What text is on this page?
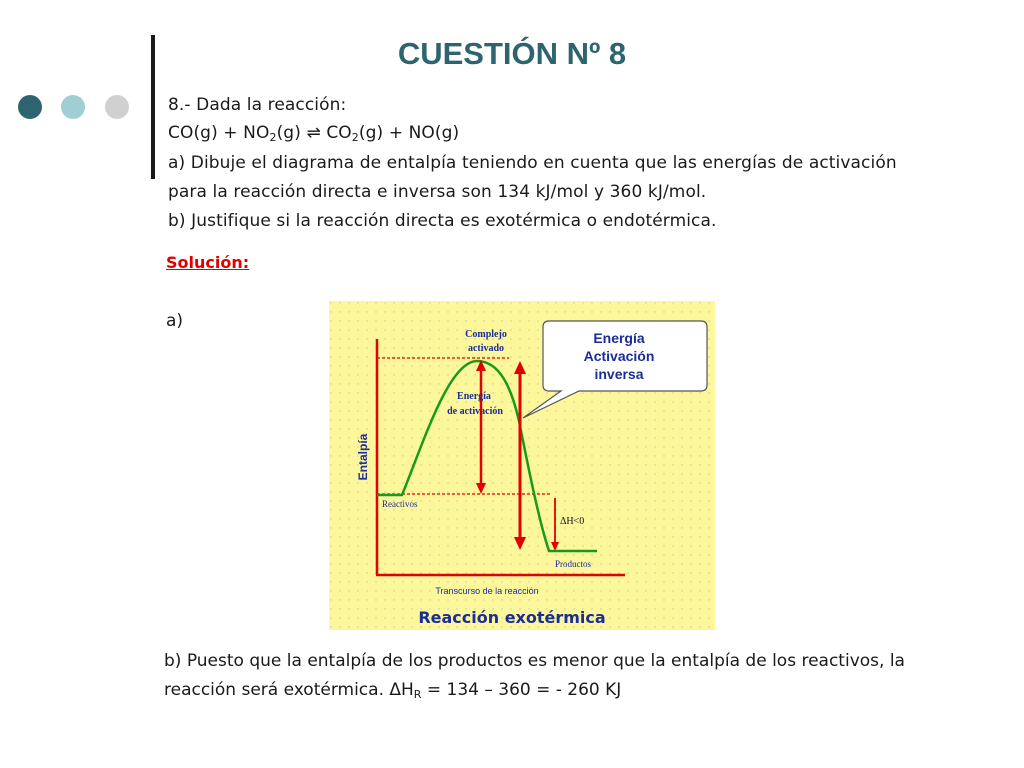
CUESTIÓN Nº 8
8.- Dada la reacción:
$CO(g) + NO_2(g)$ ⇌ $CO_2(g) + NO(g)$
a) Dibuje el diagrama de entalpía teniendo en cuenta que las energías de activación
para la reacción directa e inversa son 134 kJ/mol y 360 kJ/mol.
b) Justifique si la reacción directa es exotérmica o endotérmica.
Solución:
a)
Energía
Activación
inversa
Complejo
activado
Energía
de activación
Entalpía
Reactivos
ΔH<0
Productos
Transcurso de la reacción
Reacción exotérmica
b) Puesto que la entalpía de los productos es menor que la entalpía de los reactivos, la
reacción será exotérmica. $\Delta H_R = 134 - 360$ = - 260 KJ
